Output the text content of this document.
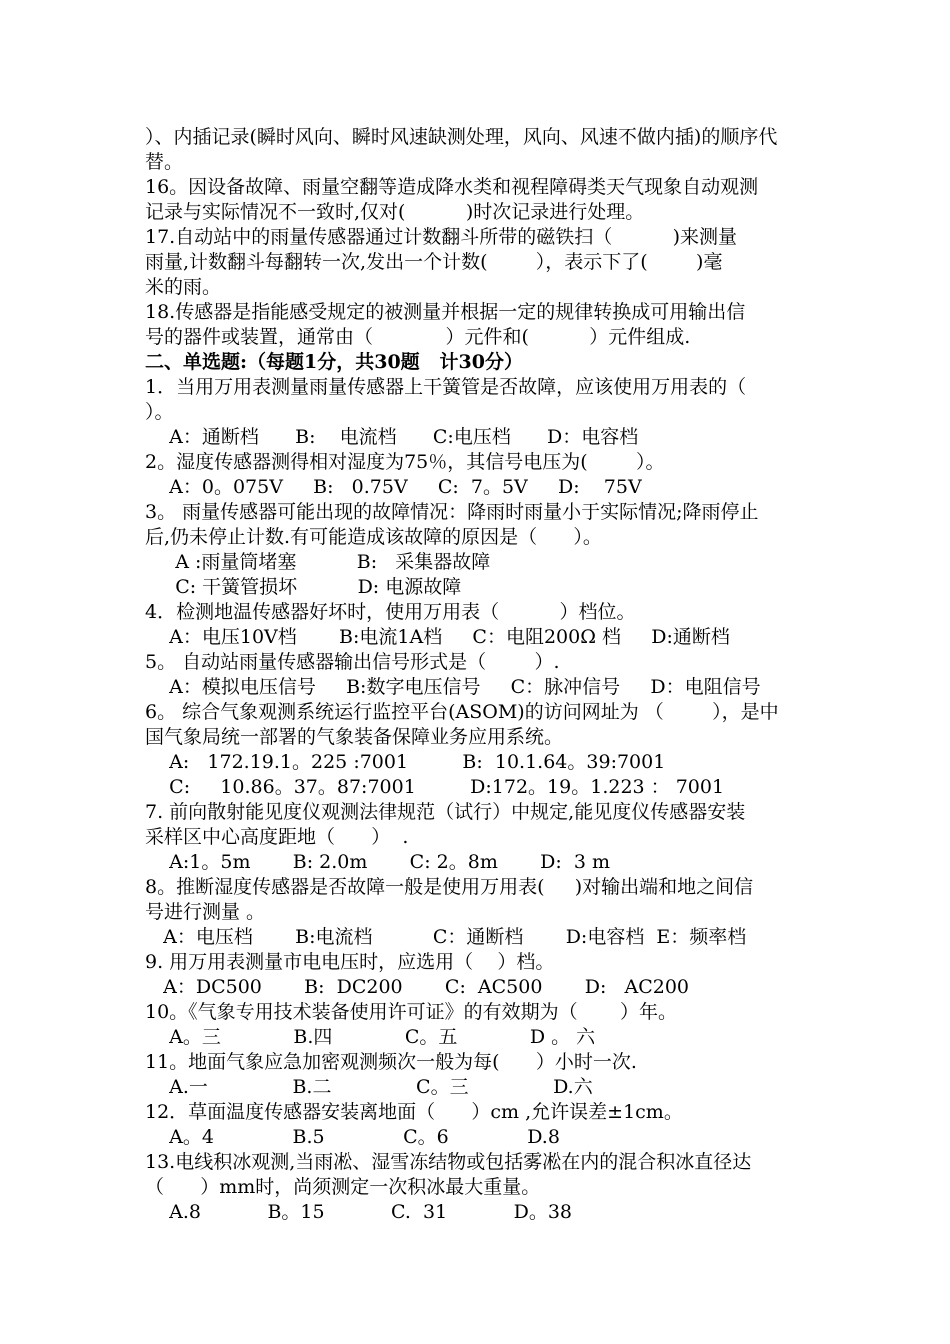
）、内插记录(瞬时风向、瞬时风速缺测处理，风向、风速不做内插)的顺序代
替。
16。因设备故障、雨量空翻等造成降水类和视程障碍类天气现象自动观测
记录与实际情况不一致时,仅对(          )时次记录进行处理。
17.自动站中的雨量传感器通过计数翻斗所带的磁铁扫（          )来测量
雨量,计数翻斗每翻转一次,发出一个计数(        ），表示下了(        )毫
米的雨。
18.传感器是指能感受规定的被测量并根据一定的规律转换成可用输出信
号的器件或装置，通常由（            ）元件和(          ）元件组成.
二、单选题:（每题1分，共30题   计30分）
1．当用万用表测量雨量传感器上干簧管是否故障，应该使用万用表的（
）。
A：通断档      B:    电流档      C:电压档      D：电容档
2。湿度传感器测得相对湿度为75％，其信号电压为(        ）。
A：0。075V     B:   0.75V     C:  7。5V     D:    75V
3。 雨量传感器可能出现的故障情况：降雨时雨量小于实际情况;降雨停止
后,仍未停止计数.有可能造成该故障的原因是（      ）。
A :雨量筒堵塞          B:   采集器故障
C: 干簧管损坏          D: 电源故障
4．检测地温传感器好坏时，使用万用表（          ）档位。
A：电压10V档       B:电流1A档     C：电阻200Ω 档     D:通断档
5。 自动站雨量传感器输出信号形式是（        ）.
A：模拟电压信号     B:数字电压信号     C：脉冲信号     D：电阻信号
6。 综合气象观测系统运行监控平台(ASOM)的访问网址为 （        ），是中
国气象局统一部署的气象装备保障业务应用系统。
A:   172.19.1。225 :7001         B:  10.1.64。39:7001
C:     10.86。37。87:7001         D:172。19。1.223 ： 7001
7. 前向散射能见度仪观测法律规范（试行）中规定,能见度仪传感器安装
采样区中心高度距地（      ）  .
A:1。5m       B: 2.0m       C: 2。8m       D:  3 m
8。推断湿度传感器是否故障一般是使用万用表(     )对输出端和地之间信
号进行测量 。
A：电压档       B:电流档          C：通断档       D:电容档  E：频率档
9. 用万用表测量市电电压时，应选用（    ）档。
A：DC500       B:  DC200       C:  AC500       D:   AC200
10。《气象专用技术装备使用许可证》的有效期为（       ）年。
A。三            B.四            C。五            D 。 六
11。地面气象应急加密观测频次一般为每(      ）小时一次.
A.一              B.二              C。三              D.六
12．草面温度传感器安装离地面（      ）cm ,允许误差±1cm。
A。4             B.5             C。6             D.8
13.电线积冰观测,当雨凇、湿雪冻结物或包括雾凇在内的混合积冰直径达
（      ）mm时，尚须测定一次积冰最大重量。
A.8           B。15           C.  31           D。38
